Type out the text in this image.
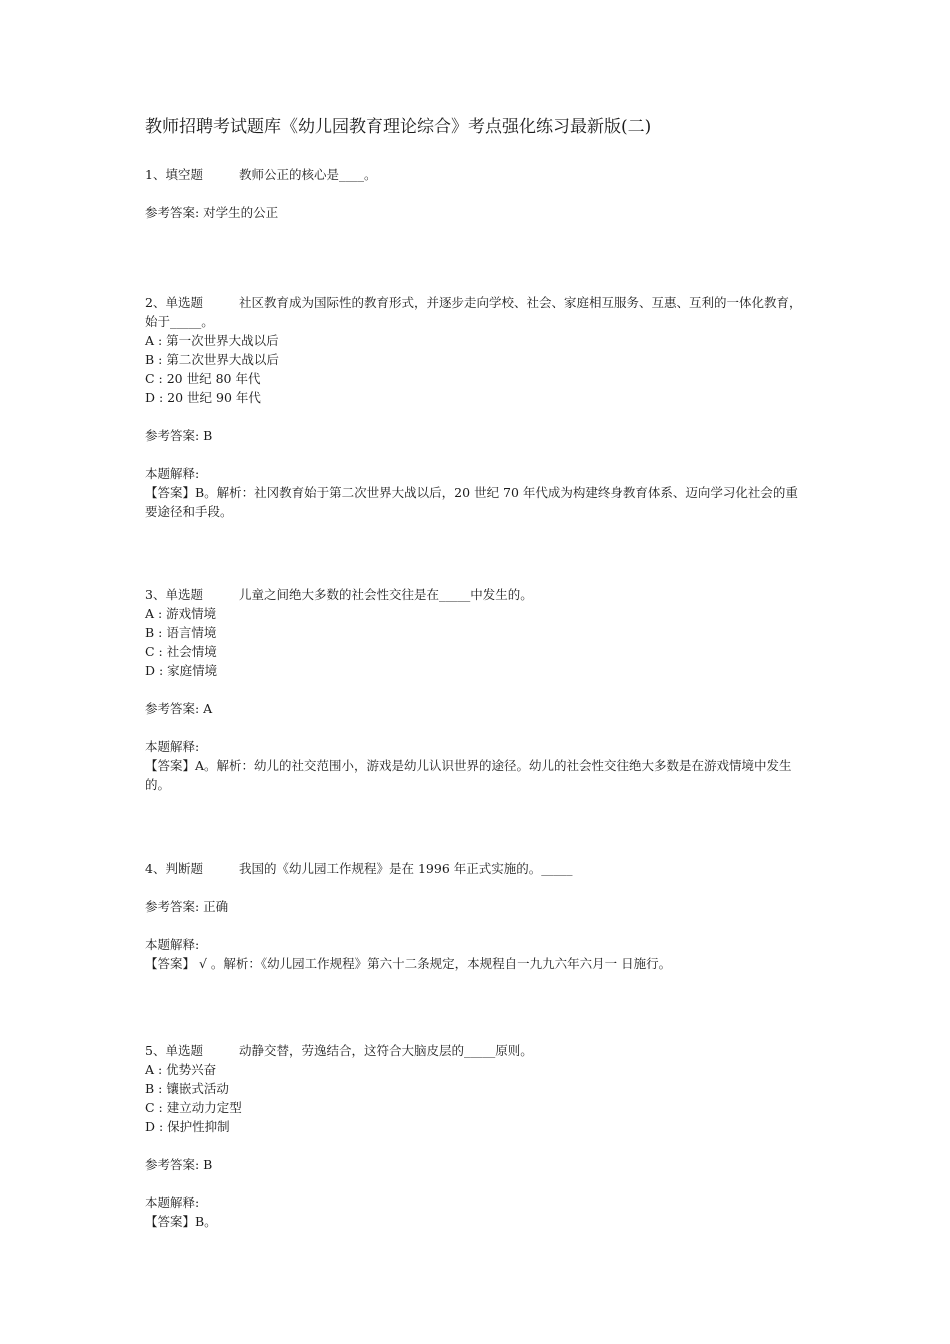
教师招聘考试题库《幼儿园教育理论综合》考点强化练习最新版(二)
1、填空题	教师公正的核心是____。
参考答案: 对学生的公正
2、单选题	社区教育成为国际性的教育形式，并逐步走向学校、社会、家庭相互服务、互惠、互利的一体化教育，始于_____。
A : 第一次世界大战以后
B : 第二次世界大战以后
C : 20 世纪 80 年代
D : 20 世纪 90 年代
参考答案: B
本题解释:
【答案】B。解析：社冈教育始于第二次世界大战以后，20 世纪 70 年代成为构建终身教育体系、迈向学习化社会的重要途径和手段。
3、单选题	儿童之间绝大多数的社会性交往是在_____中发生的。
A : 游戏情境
B : 语言情境
C : 社会情境
D : 家庭情境
参考答案: A
本题解释:
【答案】A。解析：幼儿的社交范围小，游戏是幼儿认识世界的途径。幼儿的社会性交往绝大多数是在游戏情境中发生的。
4、判断题	我国的《幼儿园工作规程》是在 1996 年正式实施的。_____
参考答案: 正确
本题解释:
【答案】 √ 。解析：《幼儿园工作规程》第六十二条规定，本规程自一九九六年六月一 日施行。
5、单选题	动静交替，劳逸结合，这符合大脑皮层的_____原则。
A : 优势兴奋
B : 镶嵌式活动
C : 建立动力定型
D : 保护性抑制
参考答案: B
本题解释:
【答案】B。
